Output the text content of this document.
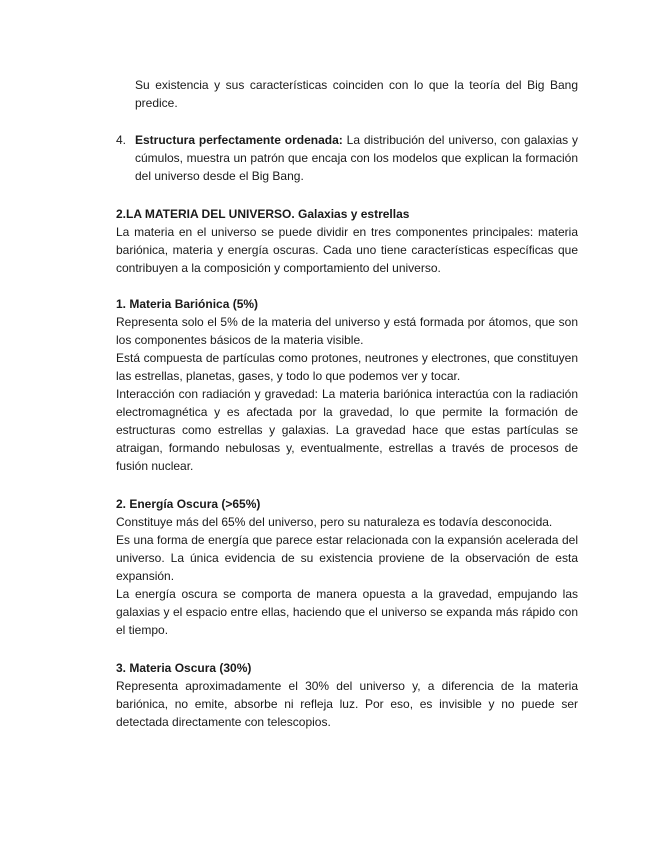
Su existencia y sus características coinciden con lo que la teoría del Big Bang predice.

4. Estructura perfectamente ordenada: La distribución del universo, con galaxias y cúmulos, muestra un patrón que encaja con los modelos que explican la formación del universo desde el Big Bang.

2.LA MATERIA DEL UNIVERSO. Galaxias y estrellas

La materia en el universo se puede dividir en tres componentes principales: materia bariónica, materia y energía oscuras. Cada uno tiene características específicas que contribuyen a la composición y comportamiento del universo.

1. Materia Bariónica (5%)

Representa solo el 5% de la materia del universo y está formada por átomos, que son los componentes básicos de la materia visible.

Está compuesta de partículas como protones, neutrones y electrones, que constituyen las estrellas, planetas, gases, y todo lo que podemos ver y tocar.

Interacción con radiación y gravedad: La materia bariónica interactúa con la radiación electromagnética y es afectada por la gravedad, lo que permite la formación de estructuras como estrellas y galaxias. La gravedad hace que estas partículas se atraigan, formando nebulosas y, eventualmente, estrellas a través de procesos de fusión nuclear.

2. Energía Oscura (>65%)

Constituye más del 65% del universo, pero su naturaleza es todavía desconocida.

Es una forma de energía que parece estar relacionada con la expansión acelerada del universo. La única evidencia de su existencia proviene de la observación de esta expansión.

La energía oscura se comporta de manera opuesta a la gravedad, empujando las galaxias y el espacio entre ellas, haciendo que el universo se expanda más rápido con el tiempo.

3. Materia Oscura (30%)

Representa aproximadamente el 30% del universo y, a diferencia de la materia bariónica, no emite, absorbe ni refleja luz. Por eso, es invisible y no puede ser detectada directamente con telescopios.
